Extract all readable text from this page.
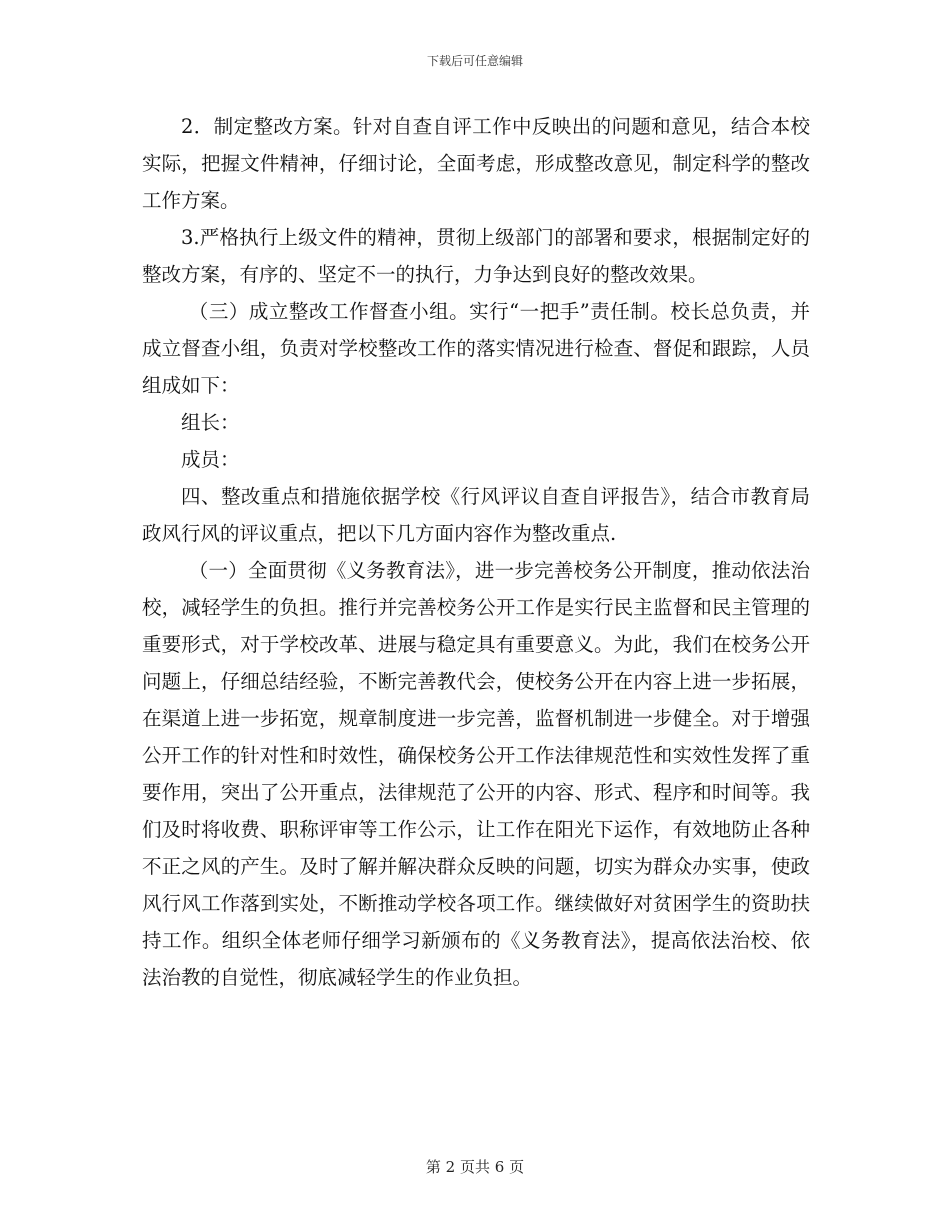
下载后可任意编辑

2．制定整改方案。针对自查自评工作中反映出的问题和意见，结合本校实际，把握文件精神，仔细讨论，全面考虑，形成整改意见，制定科学的整改工作方案。

3.严格执行上级文件的精神，贯彻上级部门的部署和要求，根据制定好的整改方案，有序的、坚定不一的执行，力争达到良好的整改效果。

（三）成立整改工作督查小组。实行“一把手”责任制。校长总负责，并成立督查小组，负责对学校整改工作的落实情况进行检查、督促和跟踪，人员组成如下：

组长：

成员：

四、整改重点和措施依据学校《行风评议自查自评报告》，结合市教育局政风行风的评议重点，把以下几方面内容作为整改重点.

（一）全面贯彻《义务教育法》，进一步完善校务公开制度，推动依法治校，减轻学生的负担。推行并完善校务公开工作是实行民主监督和民主管理的重要形式，对于学校改革、进展与稳定具有重要意义。为此，我们在校务公开问题上，仔细总结经验，不断完善教代会，使校务公开在内容上进一步拓展，在渠道上进一步拓宽，规章制度进一步完善，监督机制进一步健全。对于增强公开工作的针对性和时效性，确保校务公开工作法律规范性和实效性发挥了重要作用，突出了公开重点，法律规范了公开的内容、形式、程序和时间等。我们及时将收费、职称评审等工作公示，让工作在阳光下运作，有效地防止各种不正之风的产生。及时了解并解决群众反映的问题，切实为群众办实事，使政风行风工作落到实处，不断推动学校各项工作。继续做好对贫困学生的资助扶持工作。组织全体老师仔细学习新颁布的《义务教育法》，提高依法治校、依法治教的自觉性，彻底减轻学生的作业负担。

第 2 页共 6 页
